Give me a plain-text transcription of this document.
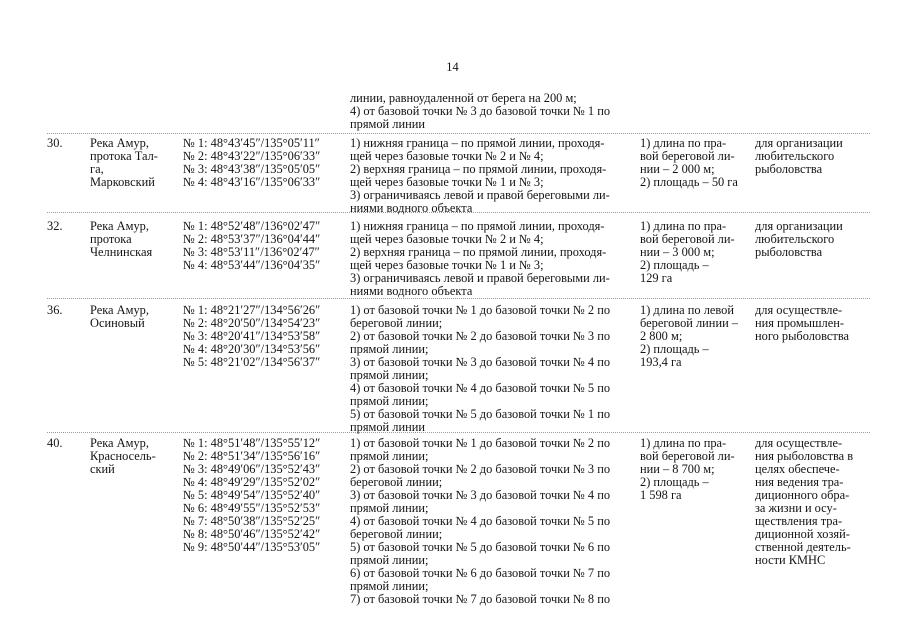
14
линии, равноудаленной от берега на 200 м;
4) от базовой точки № 3 до базовой точки № 1 по
прямой линии
30. Река Амур,
протока Тал-
га,
Марковский
№ 1: 48°43′45″/135°05′11″
№ 2: 48°43′22″/135°06′33″
№ 3: 48°43′38″/135°05′05″
№ 4: 48°43′16″/135°06′33″
1) нижняя граница – по прямой линии, проходя-
щей через базовые точки № 2 и № 4;
2) верхняя граница – по прямой линии, проходя-
щей через базовые точки № 1 и № 3;
3) ограничиваясь левой и правой береговыми ли-
ниями водного объекта
1) длина по пра-
вой береговой ли-
нии – 2 000 м;
2) площадь – 50 га
для организации
любительского
рыболовства
32. Река Амур,
протока
Челнинская
№ 1: 48°52′48″/136°02′47″
№ 2: 48°53′37″/136°04′44″
№ 3: 48°53′11″/136°02′47″
№ 4: 48°53′44″/136°04′35″
1) нижняя граница – по прямой линии, проходя-
щей через базовые точки № 2 и № 4;
2) верхняя граница – по прямой линии, проходя-
щей через базовые точки № 1 и № 3;
3) ограничиваясь левой и правой береговыми ли-
ниями водного объекта
1) длина по пра-
вой береговой ли-
нии – 3 000 м;
2) площадь –
129 га
для организации
любительского
рыболовства
36. Река Амур,
Осиновый
№ 1: 48°21′27″/134°56′26″
№ 2: 48°20′50″/134°54′23″
№ 3: 48°20′41″/134°53′58″
№ 4: 48°20′30″/134°53′56″
№ 5: 48°21′02″/134°56′37″
1) от базовой точки № 1 до базовой точки № 2 по
береговой линии;
2) от базовой точки № 2 до базовой точки № 3 по
прямой линии;
3) от базовой точки № 3 до базовой точки № 4 по
прямой линии;
4) от базовой точки № 4 до базовой точки № 5 по
прямой линии;
5) от базовой точки № 5 до базовой точки № 1 по
прямой линии
1) длина по левой
береговой линии –
2 800 м;
2) площадь –
193,4 га
для осуществле-
ния промышлен-
ного рыболовства
40. Река Амур,
Красносель-
ский
№ 1: 48°51′48″/135°55′12″
№ 2: 48°51′34″/135°56′16″
№ 3: 48°49′06″/135°52′43″
№ 4: 48°49′29″/135°52′02″
№ 5: 48°49′54″/135°52′40″
№ 6: 48°49′55″/135°52′53″
№ 7: 48°50′38″/135°52′25″
№ 8: 48°50′46″/135°52′42″
№ 9: 48°50′44″/135°53′05″
1) от базовой точки № 1 до базовой точки № 2 по
прямой линии;
2) от базовой точки № 2 до базовой точки № 3 по
береговой линии;
3) от базовой точки № 3 до базовой точки № 4 по
прямой линии;
4) от базовой точки № 4 до базовой точки № 5 по
береговой линии;
5) от базовой точки № 5 до базовой точки № 6 по
прямой линии;
6) от базовой точки № 6 до базовой точки № 7 по
прямой линии;
7) от базовой точки № 7 до базовой точки № 8 по
1) длина по пра-
вой береговой ли-
нии – 8 700 м;
2) площадь –
1 598 га
для осуществле-
ния рыболовства в
целях обеспече-
ния ведения тра-
диционного обра-
за жизни и осу-
ществления тра-
диционной хозяй-
ственной деятель-
ности КМНС
